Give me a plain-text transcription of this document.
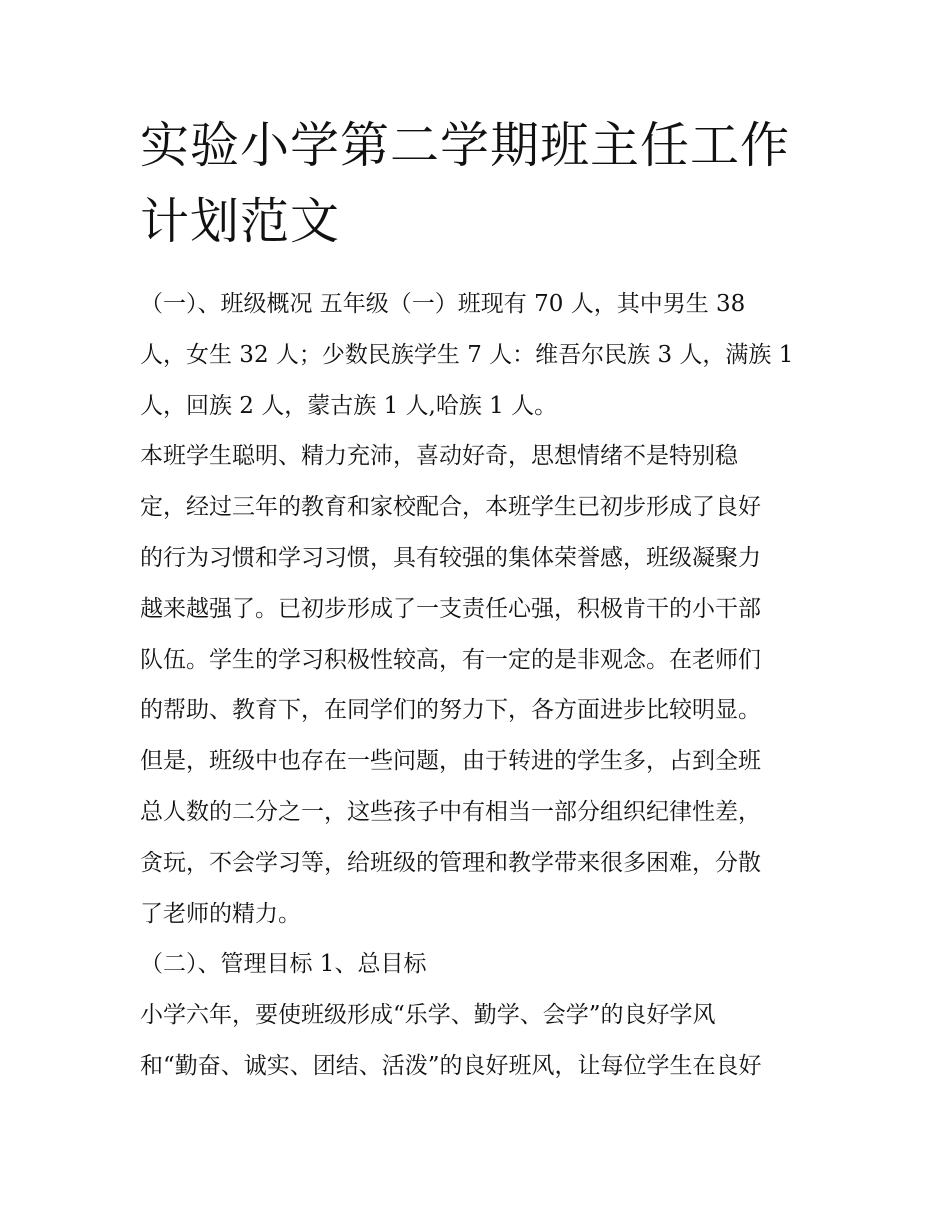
实验小学第二学期班主任工作
计划范文
（一）、班级概况 五年级（一）班现有 70 人，其中男生 38
人，女生 32 人；少数民族学生 7 人：维吾尔民族 3 人，满族 1
人，回族 2 人，蒙古族 1 人,哈族 1 人。
本班学生聪明、精力充沛，喜动好奇，思想情绪不是特别稳
定，经过三年的教育和家校配合，本班学生已初步形成了良好
的行为习惯和学习习惯，具有较强的集体荣誉感，班级凝聚力
越来越强了。已初步形成了一支责任心强，积极肯干的小干部
队伍。学生的学习积极性较高，有一定的是非观念。在老师们
的帮助、教育下，在同学们的努力下，各方面进步比较明显。
但是，班级中也存在一些问题，由于转进的学生多，占到全班
总人数的二分之一，这些孩子中有相当一部分组织纪律性差，
贪玩，不会学习等，给班级的管理和教学带来很多困难，分散
了老师的精力。
（二）、管理目标 1、总目标
小学六年，要使班级形成“乐学、勤学、会学”的良好学风
和“勤奋、诚实、团结、活泼”的良好班风，让每位学生在良好
